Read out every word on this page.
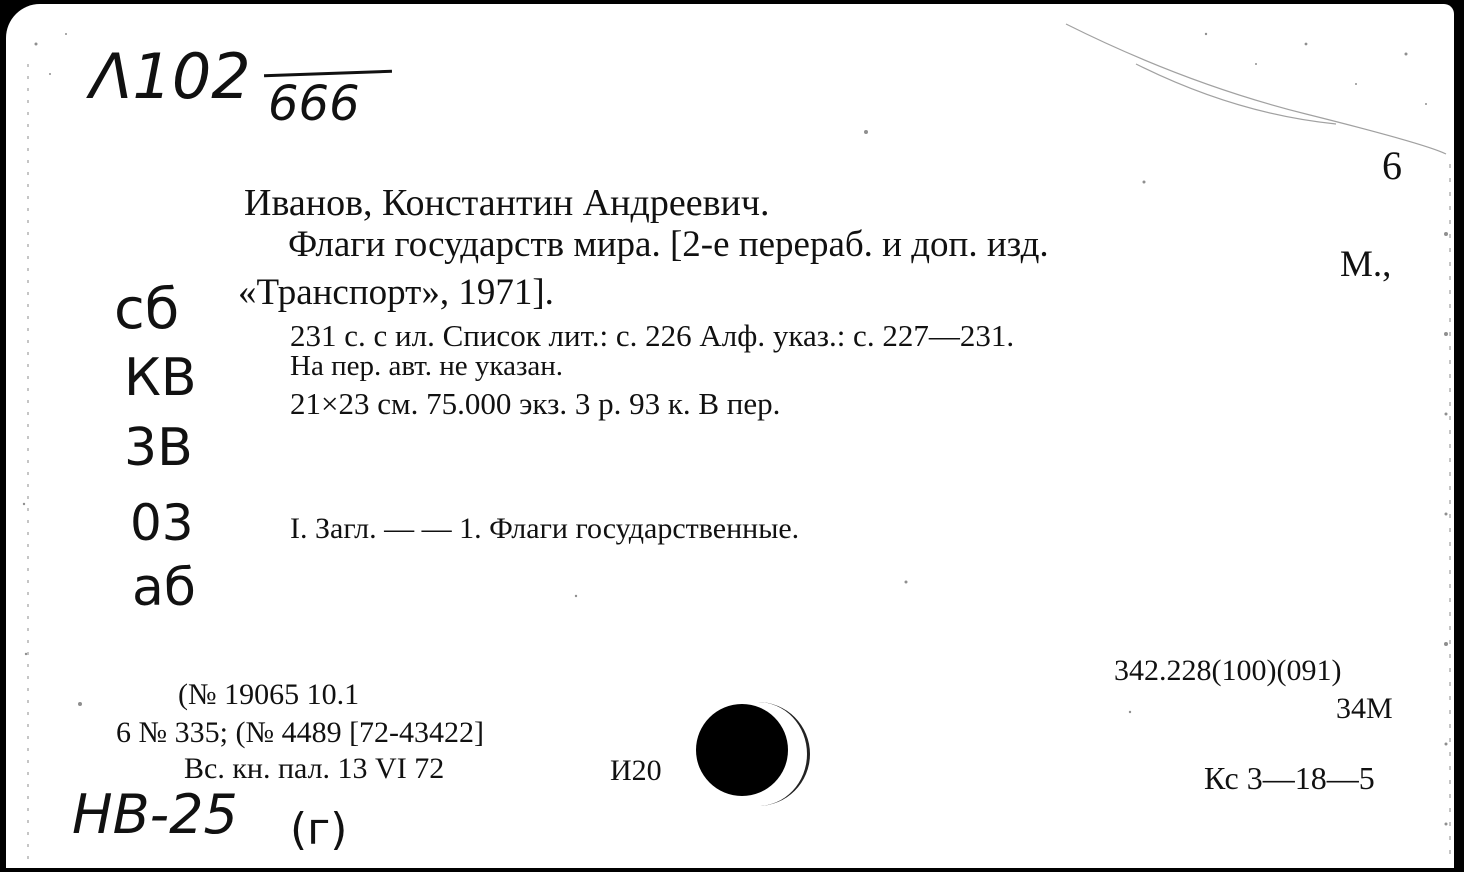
Λ102 666
6
Иванов, Константин Андреевич.
Флаги государств мира. [2-е перераб. и доп. изд.	М.,
«Транспорт», 1971].
231 с. с ил. Список лит.: с. 226 Алф. указ.: с. 227—231.
На пер. авт. не указан.
21×23 см. 75.000 экз. 3 р. 93 к. В пер.
I. Загл. — — 1. Флаги государственные.
сб
КВ
3В
03
аб
342.228(100)(091)
34M
Кс 3—18—5
(№ 19065 10.1
6 № 335; (№ 4489 [72-43422]
Вс. кн. пал. 13 VI 72	И20
НВ-25 (г)
